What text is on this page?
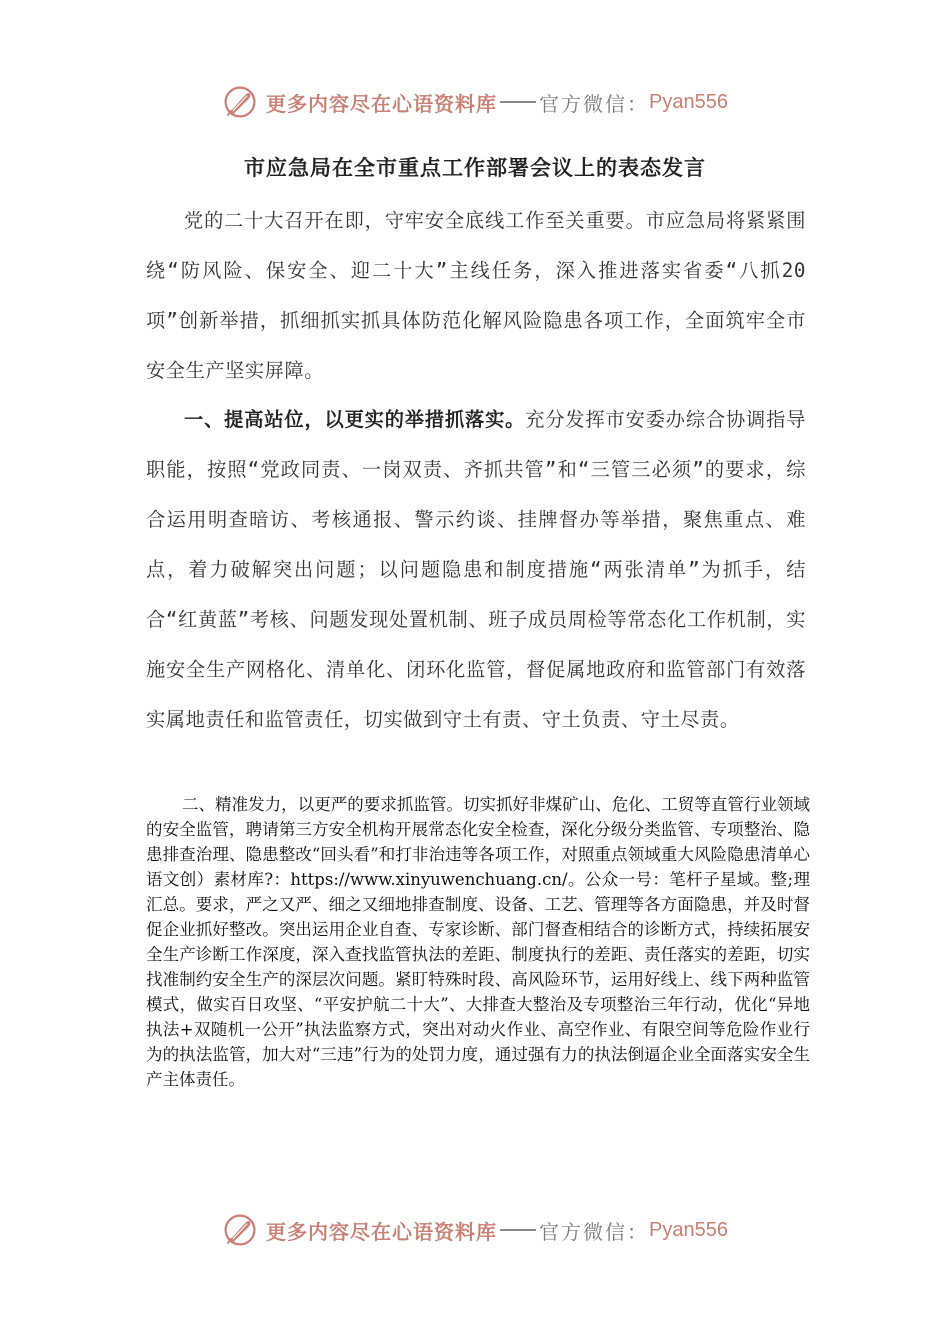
更多内容尽在心语资料库 官方微信： Pyan556
市应急局在全市重点工作部署会议上的表态发言

党的二十大召开在即，守牢安全底线工作至关重要。市应急局将紧紧围绕“防风险、保安全、迎二十大”主线任务，深入推进落实省委“八抓20项”创新举措，抓细抓实抓具体防范化解风险隐患各项工作，全面筑牢全市安全生产坚实屏障。

一、提高站位，以更实的举措抓落实。充分发挥市安委办综合协调指导职能，按照“党政同责、一岗双责、齐抓共管”和“三管三必须”的要求，综合运用明查暗访、考核通报、警示约谈、挂牌督办等举措，聚焦重点、难点，着力破解突出问题；以问题隐患和制度措施“两张清单”为抓手，结合“红黄蓝”考核、问题发现处置机制、班子成员周检等常态化工作机制，实施安全生产网格化、清单化、闭环化监管，督促属地政府和监管部门有效落实属地责任和监管责任，切实做到守土有责、守土负责、守土尽责。

二、精准发力，以更严的要求抓监管。切实抓好非煤矿山、危化、工贸等直管行业领域的安全监管，聘请第三方安全机构开展常态化安全检查，深化分级分类监管、专项整治、隐患排查治理、隐患整改“回头看”和打非治违等各项工作，对照重点领域重大风险隐患清单心语文创）素材库?：https://www.xinyuwenchuang.cn/。公众一号：笔杆子星域。整;理汇总。要求，严之又严、细之又细地排查制度、设备、工艺、管理等各方面隐患，并及时督促企业抓好整改。突出运用企业自查、专家诊断、部门督查相结合的诊断方式，持续拓展安全生产诊断工作深度，深入查找监管执法的差距、制度执行的差距、责任落实的差距，切实找准制约安全生产的深层次问题。紧盯特殊时段、高风险环节，运用好线上、线下两种监管模式，做实百日攻坚、“平安护航二十大”、大排查大整治及专项整治三年行动，优化“异地执法+双随机一公开”执法监察方式，突出对动火作业、高空作业、有限空间等危险作业行为的执法监管，加大对“三违”行为的处罚力度，通过强有力的执法倒逼企业全面落实安全生产主体责任。

更多内容尽在心语资料库 官方微信： Pyan556
